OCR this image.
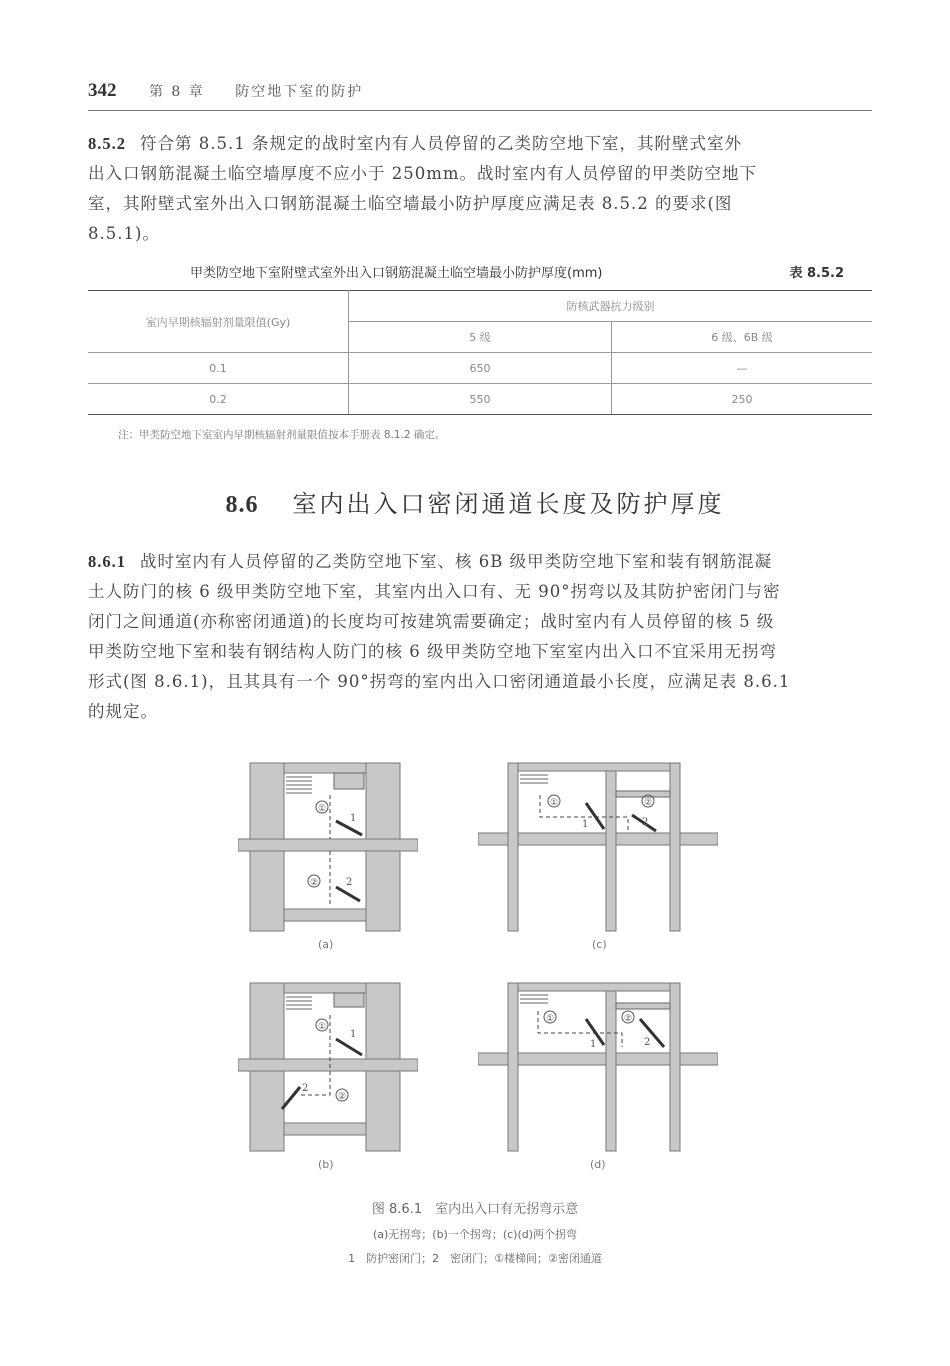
342 第 8 章 防空地下室的防护
8.5.2 符合第 8.5.1 条规定的战时室内有人员停留的乙类防空地下室，其附壁式室外
出入口钢筋混凝土临空墙厚度不应小于 250mm。战时室内有人员停留的甲类防空地下
室，其附壁式室外出入口钢筋混凝土临空墙最小防护厚度应满足表 8.5.2 的要求(图
8.5.1)。
甲类防空地下室附壁式室外出入口钢筋混凝土临空墙最小防护厚度(mm)	表 8.5.2
室内早期核辐射剂量限值(Gy)	防核武器抗力级别	
	5 级	6 级、6B 级
0.1	650	—
0.2	550	250
注：甲类防空地下室室内早期核辐射剂量限值按本手册表 8.1.2 确定。
8.6 室内出入口密闭通道长度及防护厚度
8.6.1 战时室内有人员停留的乙类防空地下室、核 6B 级甲类防空地下室和装有钢筋混凝
土人防门的核 6 级甲类防空地下室，其室内出入口有、无 90°拐弯以及其防护密闭门与密
闭门之间通道(亦称密闭通道)的长度均可按建筑需要确定；战时室内有人员停留的核 5 级
甲类防空地下室和装有钢结构人防门的核 6 级甲类防空地下室室内出入口不宜采用无拐弯
形式(图 8.6.1)，且其具有一个 90°拐弯的室内出入口密闭通道最小长度，应满足表 8.6.1
的规定。
①
②
1
2
(a)
①	②
1	2
(c)
①
②
1
2
(b)
①	②
1	2
(d)
图 8.6.1　室内出入口有无拐弯示意
(a)无拐弯；(b)一个拐弯；(c)(d)两个拐弯
1　防护密闭门；2　密闭门；①楼梯间；②密闭通道
